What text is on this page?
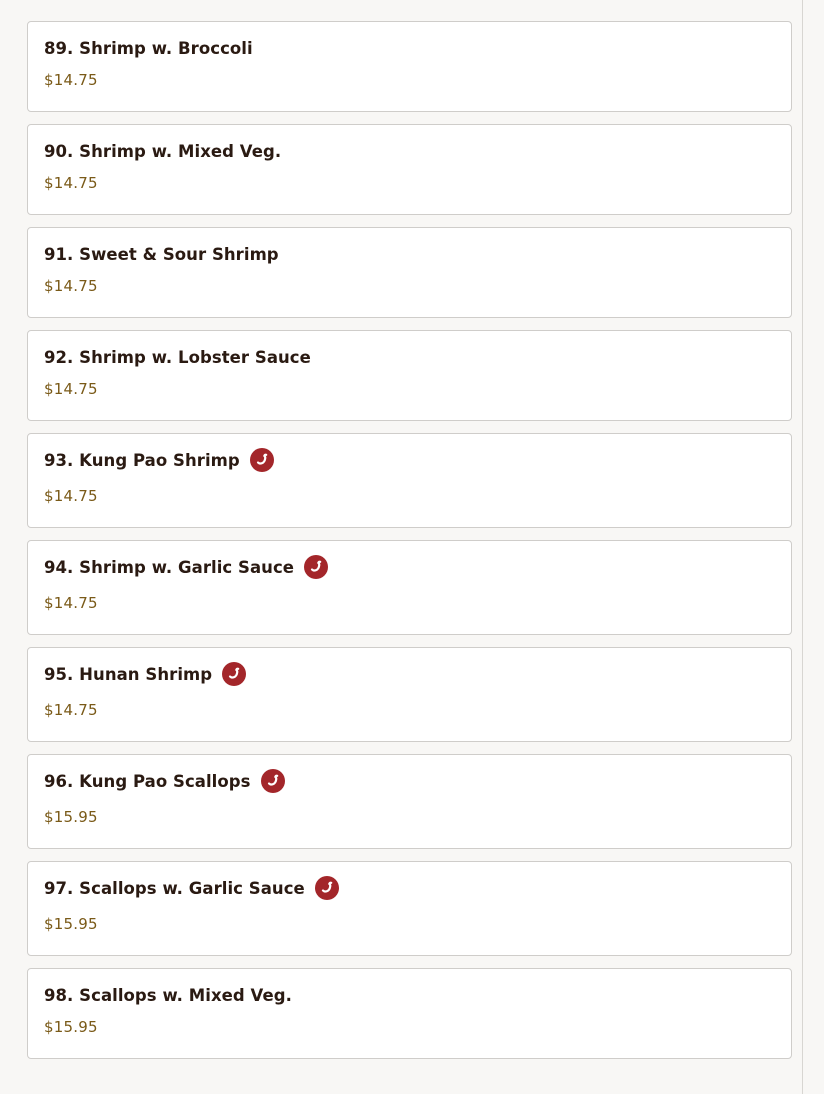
89. Shrimp w. Broccoli
$14.75
90. Shrimp w. Mixed Veg.
$14.75
91. Sweet & Sour Shrimp
$14.75
92. Shrimp w. Lobster Sauce
$14.75
93. Kung Pao Shrimp
$14.75
94. Shrimp w. Garlic Sauce
$14.75
95. Hunan Shrimp
$14.75
96. Kung Pao Scallops
$15.95
97. Scallops w. Garlic Sauce
$15.95
98. Scallops w. Mixed Veg.
$15.95
